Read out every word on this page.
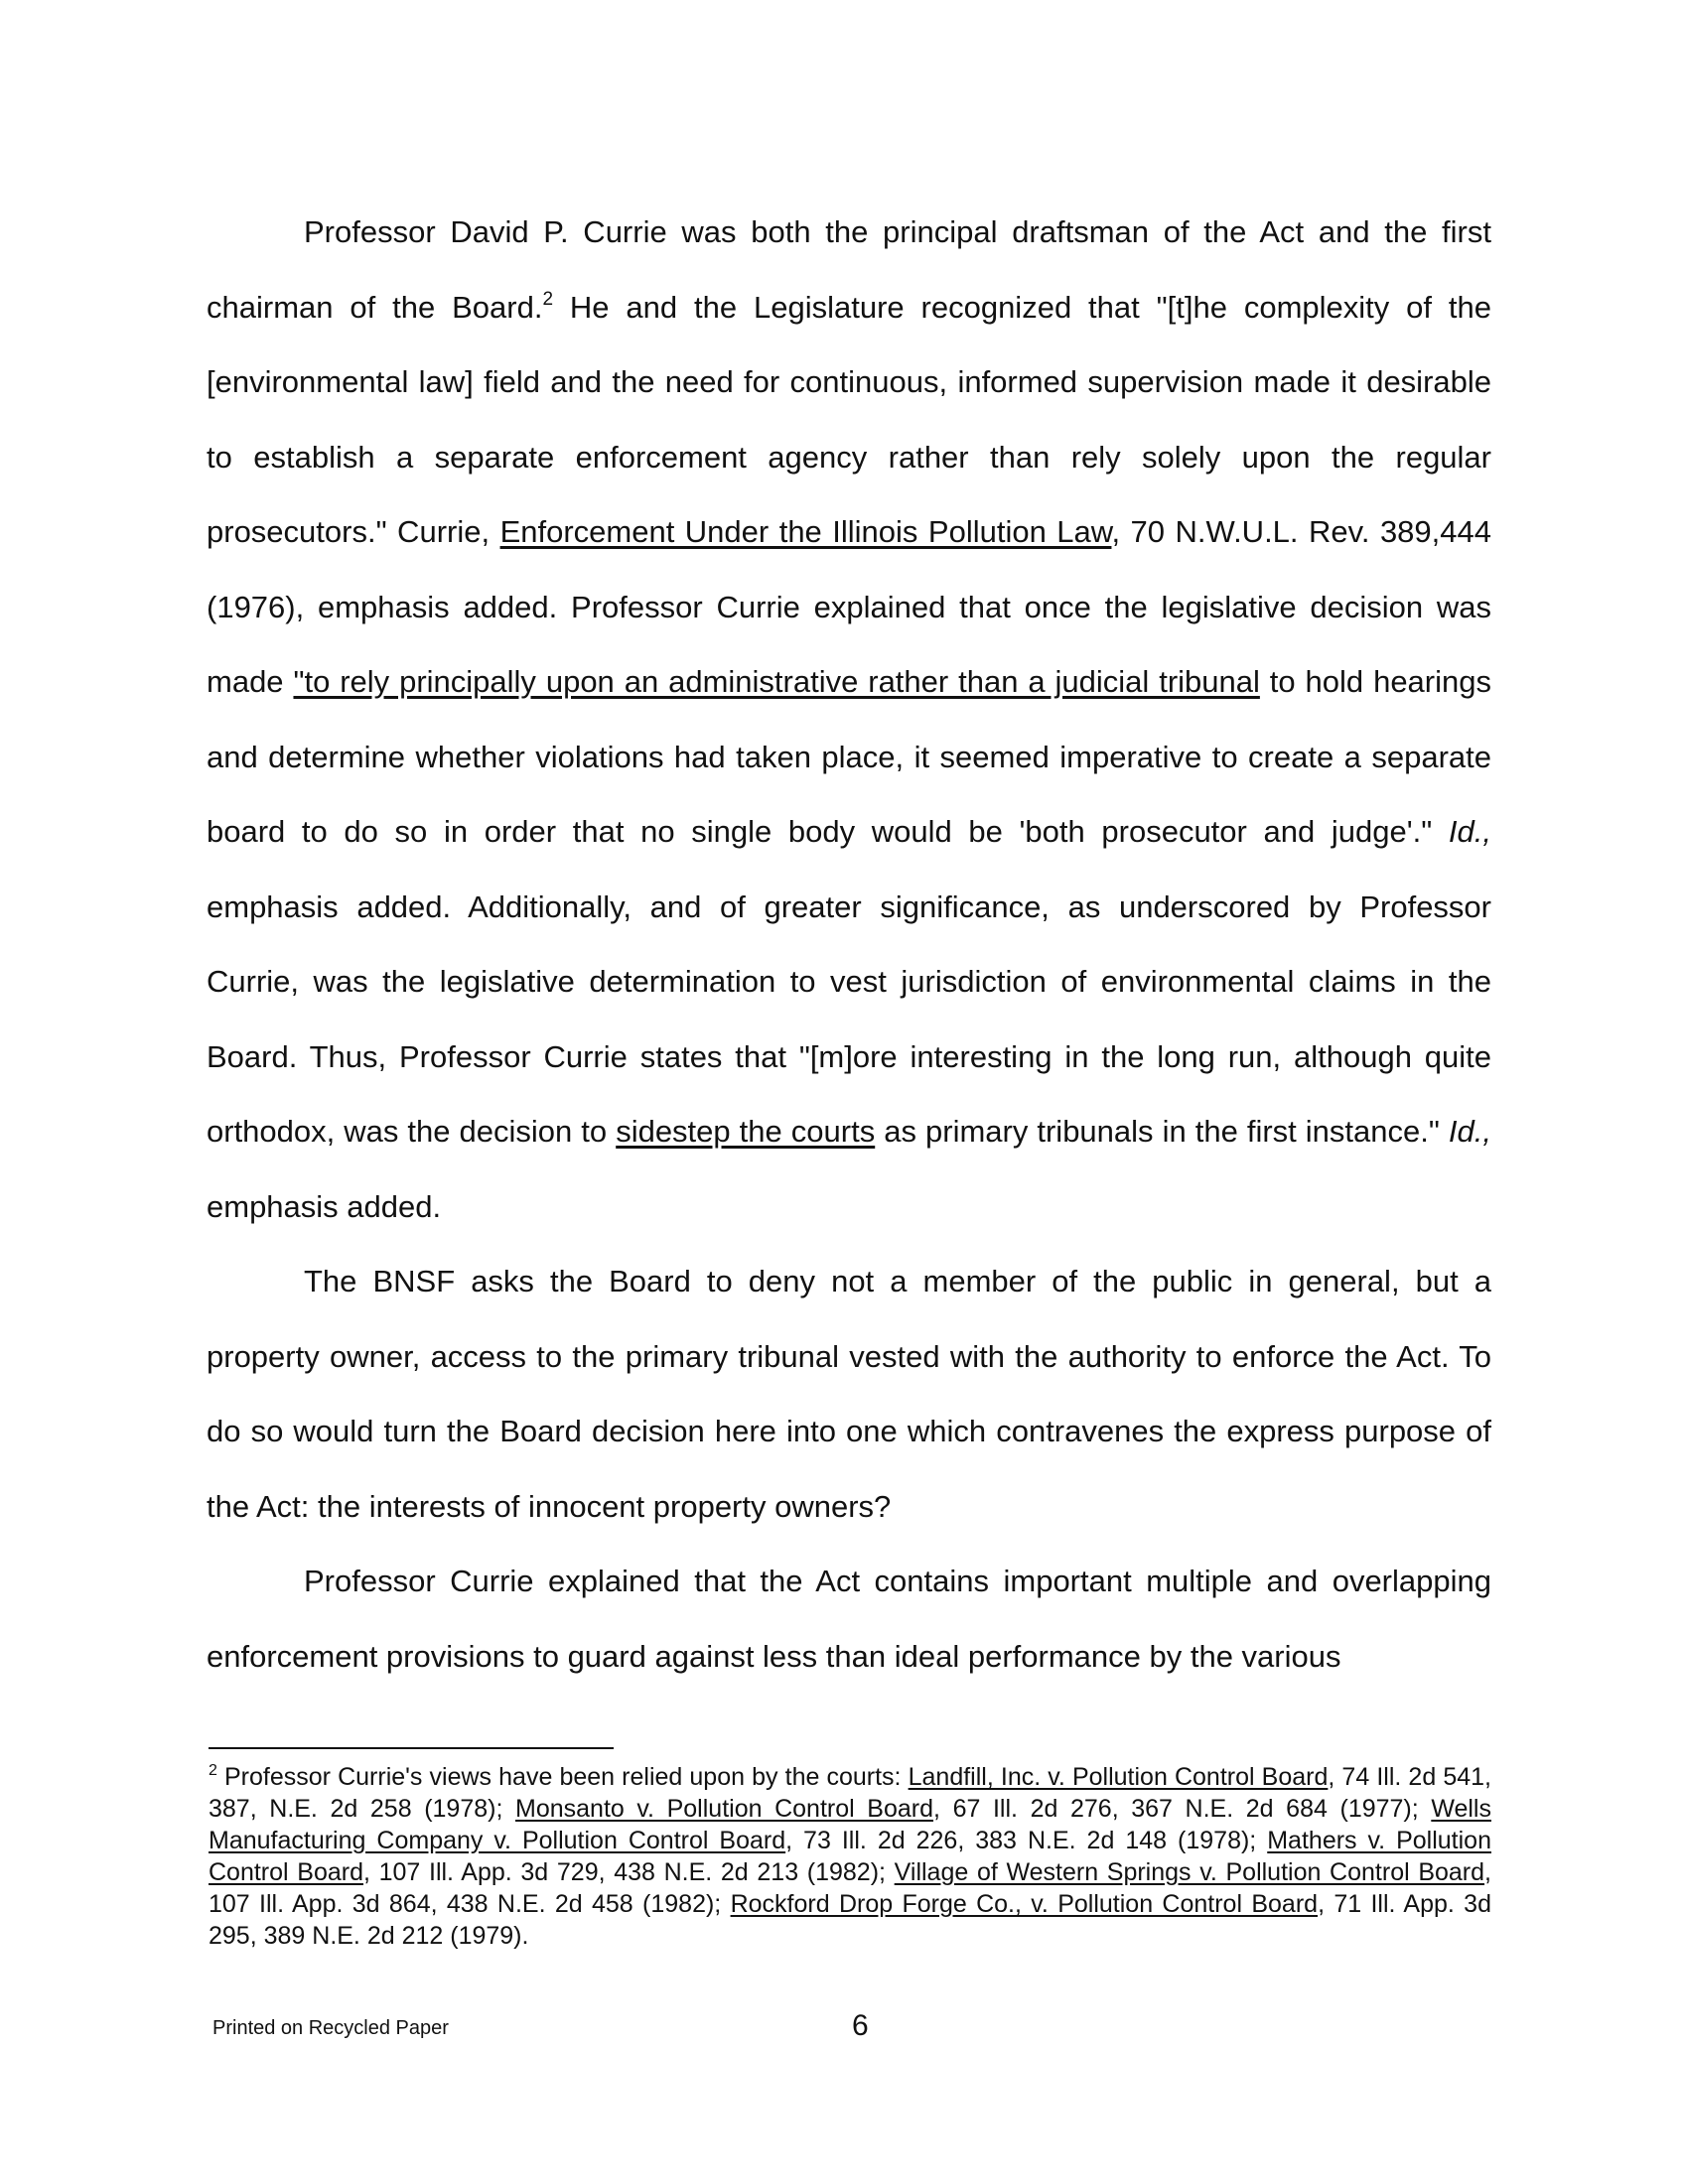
Professor David P. Currie was both the principal draftsman of the Act and the first chairman of the Board.$^2$ He and the Legislature recognized that "[t]he complexity of the [environmental law] field and the need for continuous, informed supervision made it desirable to establish a separate enforcement agency rather than rely solely upon the regular prosecutors." Currie, Enforcement Under the Illinois Pollution Law, 70 N.W.U.L. Rev. 389,444 (1976), emphasis added. Professor Currie explained that once the legislative decision was made "to rely principally upon an administrative rather than a judicial tribunal to hold hearings and determine whether violations had taken place, it seemed imperative to create a separate board to do so in order that no single body would be 'both prosecutor and judge'." Id., emphasis added. Additionally, and of greater significance, as underscored by Professor Currie, was the legislative determination to vest jurisdiction of environmental claims in the Board. Thus, Professor Currie states that "[m]ore interesting in the long run, although quite orthodox, was the decision to sidestep the courts as primary tribunals in the first instance." Id., emphasis added.

The BNSF asks the Board to deny not a member of the public in general, but a property owner, access to the primary tribunal vested with the authority to enforce the Act. To do so would turn the Board decision here into one which contravenes the express purpose of the Act: the interests of innocent property owners?

Professor Currie explained that the Act contains important multiple and overlapping enforcement provisions to guard against less than ideal performance by the various

$^2$ Professor Currie's views have been relied upon by the courts: Landfill, Inc. v. Pollution Control Board, 74 Ill. 2d 541, 387, N.E. 2d 258 (1978); Monsanto v. Pollution Control Board, 67 Ill. 2d 276, 367 N.E. 2d 684 (1977); Wells Manufacturing Company v. Pollution Control Board, 73 Ill. 2d 226, 383 N.E. 2d 148 (1978); Mathers v. Pollution Control Board, 107 Ill. App. 3d 729, 438 N.E. 2d 213 (1982); Village of Western Springs v. Pollution Control Board, 107 Ill. App. 3d 864, 438 N.E. 2d 458 (1982); Rockford Drop Forge Co., v. Pollution Control Board, 71 Ill. App. 3d 295, 389 N.E. 2d 212 (1979).

Printed on Recycled Paper	6
